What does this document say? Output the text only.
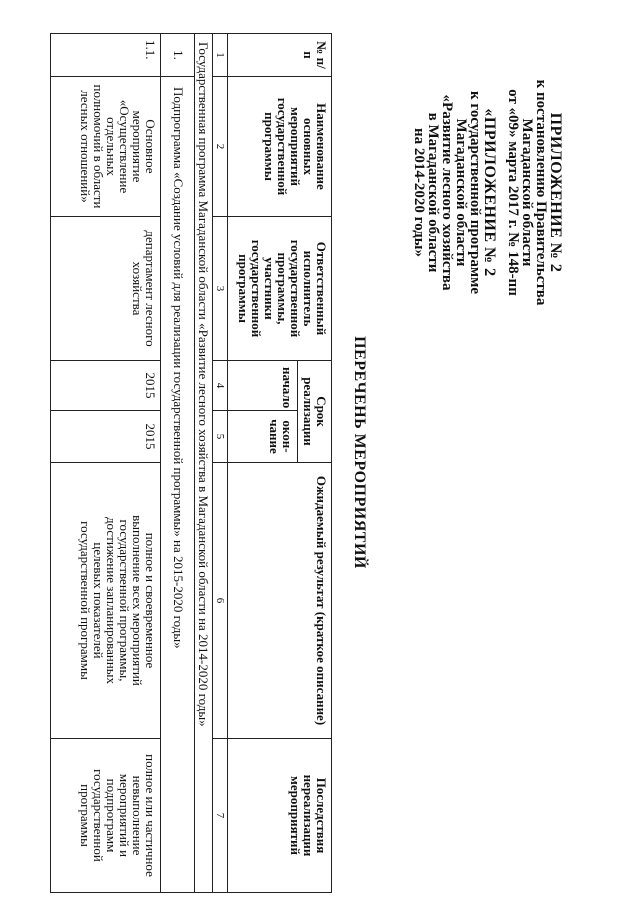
ПРИЛОЖЕНИЕ № 2
к постановлению Правительства
Магаданской области
от «09» марта 2017 г. № 148-пп
«ПРИЛОЖЕНИЕ № 2
к государственной программе
Магаданской области
«Развитие лесного хозяйства
в Магаданской области
на 2014-2020 годы»
ПЕРЕЧЕНЬ МЕРОПРИЯТИЙ
№ п/п
Наименование основных мероприятий государственной программы
Ответственный исполнитель государственной программы, участники государственной программы
Срок реализации
начало
окон-чание
Ожидаемый результат (краткое описание)
Последствия нереализации мероприятий
1
2
3
4
5
6
7
Государственная программа Магаданской области «Развитие лесного хозяйства в Магаданской области на 2014-2020 годы»
1.
Подпрограмма «Создание условий для реализации государственной программы» на 2015-2020 годы»
1.1.
Основное мероприятие «Осуществление отдельных полномочий в области лесных отношений»
департамент лесного хозяйства
2015
2015
полное и своевременное выполнение всех мероприятий государственной программы, достижение запланированных целевых показателей государственной программы
полное или частичное невыполнение мероприятий и подпрограмм государственной программы
